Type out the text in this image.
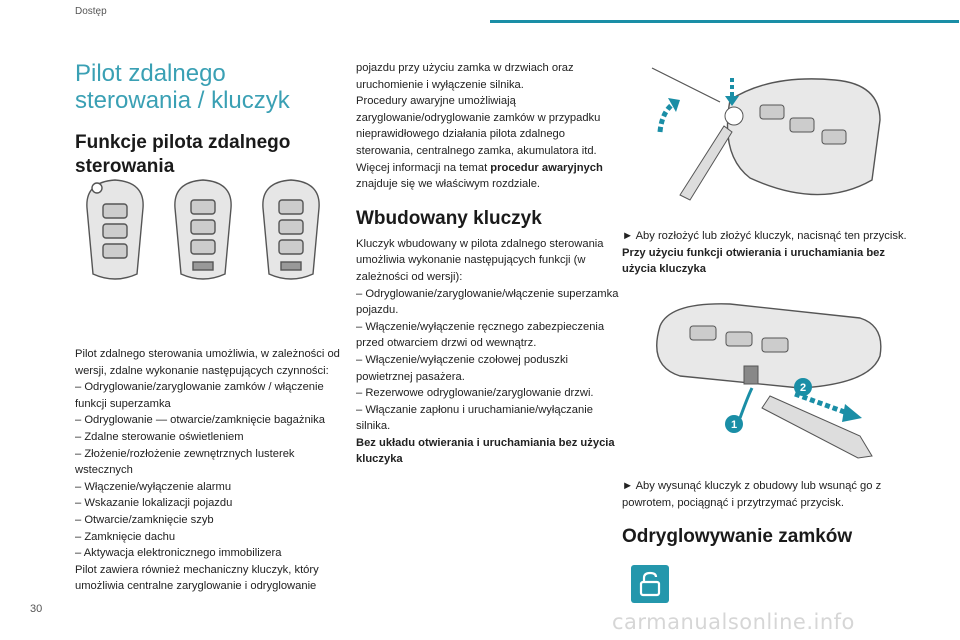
Dostęp
30
Pilot zdalnego sterowania / kluczyk
Funkcje pilota zdalnego sterowania

Pilot zdalnego sterowania umożliwia, w zależności od wersji, zdalne wykonanie następujących czynności:

– Odryglowanie/zaryglowanie zamków / włączenie funkcji superzamka

– Odryglowanie — otwarcie/zamknięcie bagażnika

– Zdalne sterowanie oświetleniem

– Złożenie/rozłożenie zewnętrznych lusterek wstecznych

– Włączenie/wyłączenie alarmu

– Wskazanie lokalizacji pojazdu

– Otwarcie/zamknięcie szyb

– Zamknięcie dachu

– Aktywacja elektronicznego immobilizera

Pilot zawiera również mechaniczny kluczyk, który umożliwia centralne zaryglowanie i odryglowanie

pojazdu przy użyciu zamka w drzwiach oraz uruchomienie i wyłączenie silnika.

Procedury awaryjne umożliwiają zaryglowanie/odryglowanie zamków w przypadku nieprawidłowego działania pilota zdalnego sterowania, centralnego zamka, akumulatora itd. Więcej informacji na temat procedur awaryjnych znajduje się we właściwym rozdziale.

Wbudowany kluczyk

Kluczyk wbudowany w pilota zdalnego sterowania umożliwia wykonanie następujących funkcji (w zależności od wersji):

– Odryglowanie/zaryglowanie/włączenie superzamka pojazdu.

– Włączenie/wyłączenie ręcznego zabezpieczenia przed otwarciem drzwi od wewnątrz.

– Włączenie/wyłączenie czołowej poduszki powietrznej pasażera.

– Rezerwowe odryglowanie/zaryglowanie drzwi.

– Włączanie zapłonu i uruchamianie/wyłączanie silnika.

Bez układu otwierania i uruchamiania bez użycia kluczyka

► Aby rozłożyć lub złożyć kluczyk, nacisnąć ten przycisk.

Przy użyciu funkcji otwierania i uruchamiania bez użycia kluczyka

2
1

► Aby wysunąć kluczyk z obudowy lub wsunąć go z powrotem, pociągnąć i przytrzymać przycisk.

Odryglowywanie zamków
carmanualsonline.info
